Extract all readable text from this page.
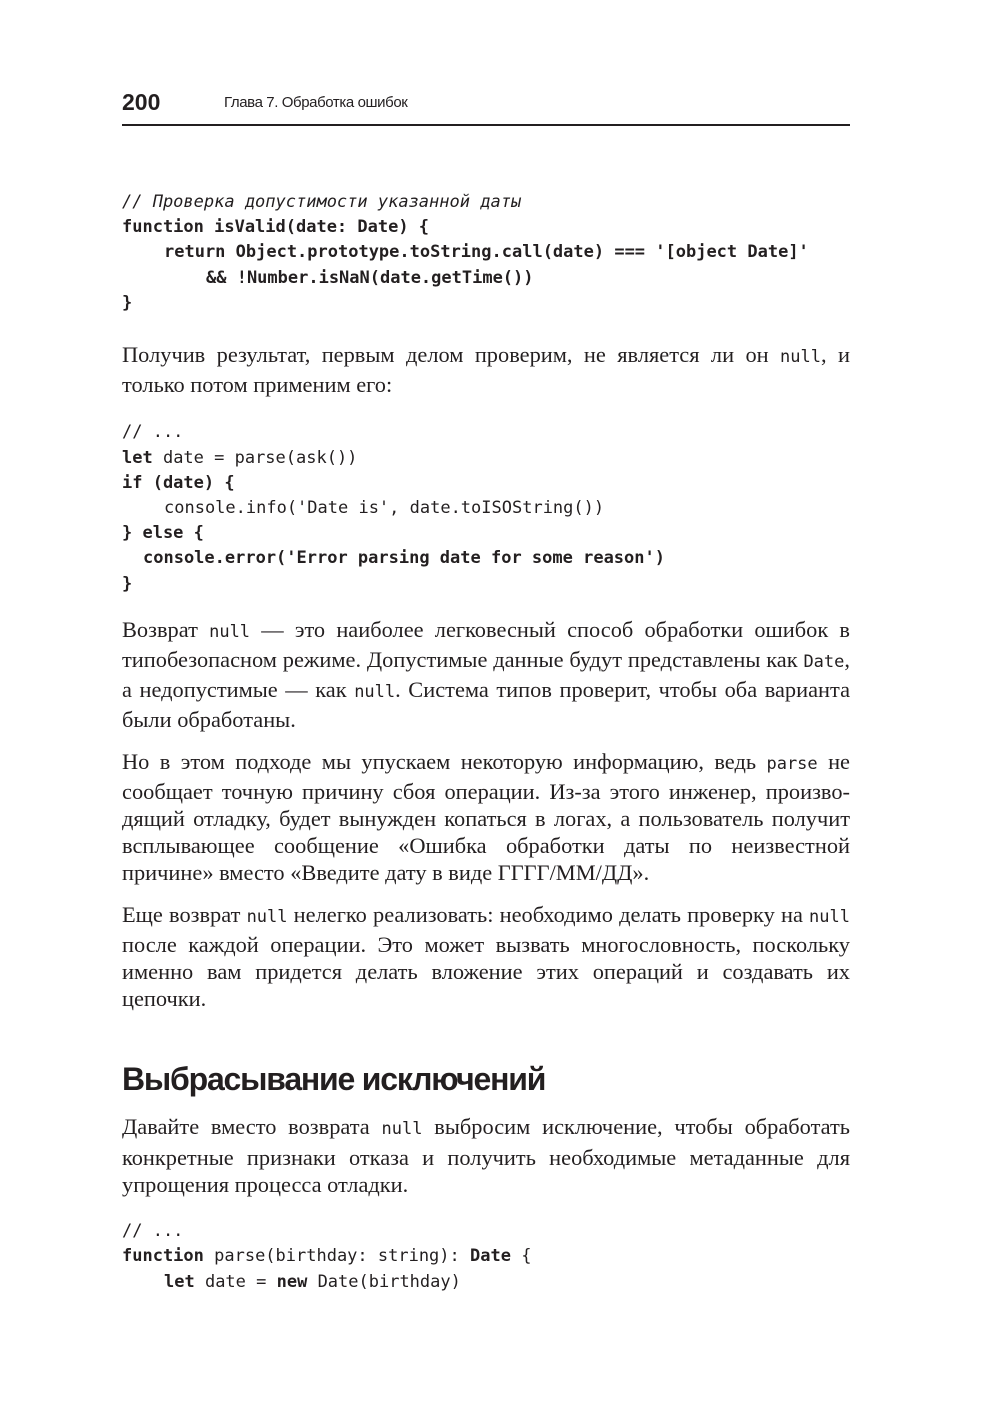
200	Глава 7. Обработка ошибок
// Проверка допустимости указанной даты
function isValid(date: Date) {
return Object.prototype.toString.call(date) === '[object Date]'
&& !Number.isNaN(date.getTime())
}

Получив результат, первым делом проверим, не является ли он null, и только потом применим его:

// ...
let date = parse(ask())
if (date) {
console.info('Date is', date.toISOString())
} else {
console.error('Error parsing date for some reason')
}

Возврат null — это наиболее легковесный способ обработки ошибок в типобезопасном режиме. Допустимые данные будут представлены как Date, а недопустимые — как null. Система типов проверит, чтобы оба варианта были обработаны.

Но в этом подходе мы упускаем некоторую информацию, ведь parse не сообщает точную причину сбоя операции. Из-за этого инженер, производящий отладку, будет вынужден копаться в логах, а пользователь получит всплывающее сообщение «Ошибка обработки даты по неизвестной причине» вместо «Введите дату в виде ГГГГ/ММ/ДД».

Еще возврат null нелегко реализовать: необходимо делать проверку на null после каждой операции. Это может вызвать многословность, поскольку именно вам придется делать вложение этих операций и создавать их цепочки.

Выбрасывание исключений

Давайте вместо возврата null выбросим исключение, чтобы обработать конкретные признаки отказа и получить необходимые метаданные для упрощения процесса отладки.

// ...
function parse(birthday: string): Date {
let date = new Date(birthday)
